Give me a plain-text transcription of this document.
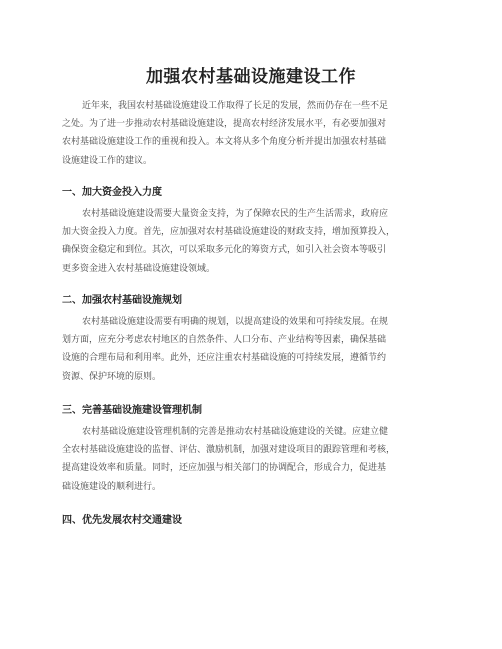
加强农村基础设施建设工作
近年来，我国农村基础设施建设工作取得了长足的发展，然而仍存在一些不足
之处。为了进一步推动农村基础设施建设，提高农村经济发展水平，有必要加强对
农村基础设施建设工作的重视和投入。本文将从多个角度分析并提出加强农村基础
设施建设工作的建议。
一、加大资金投入力度
农村基础设施建设需要大量资金支持，为了保障农民的生产生活需求，政府应
加大资金投入力度。首先，应加强对农村基础设施建设的财政支持，增加预算投入，
确保资金稳定和到位。其次，可以采取多元化的筹资方式，如引入社会资本等吸引
更多资金进入农村基础设施建设领域。
二、加强农村基础设施规划
农村基础设施建设需要有明确的规划，以提高建设的效果和可持续发展。在规
划方面，应充分考虑农村地区的自然条件、人口分布、产业结构等因素，确保基础
设施的合理布局和利用率。此外，还应注重农村基础设施的可持续发展，遵循节约
资源、保护环境的原则。
三、完善基础设施建设管理机制
农村基础设施建设管理机制的完善是推动农村基础设施建设的关键。应建立健
全农村基础设施建设的监督、评估、激励机制，加强对建设项目的跟踪管理和考核，
提高建设效率和质量。同时，还应加强与相关部门的协调配合，形成合力，促进基
础设施建设的顺利进行。
四、优先发展农村交通建设
